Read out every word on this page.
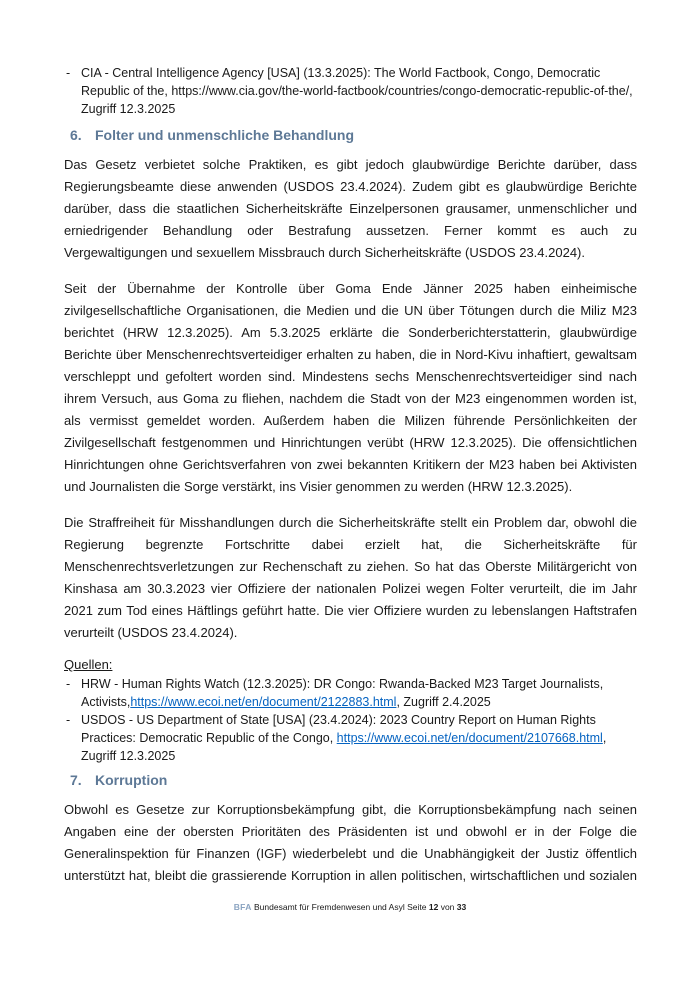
- CIA - Central Intelligence Agency [USA] (13.3.2025): The World Factbook, Congo, Democratic Republic of the, https://www.cia.gov/the-world-factbook/countries/congo-democratic-republic-of-the/, Zugriff 12.3.2025
6. Folter und unmenschliche Behandlung

Das Gesetz verbietet solche Praktiken, es gibt jedoch glaubwürdige Berichte darüber, dass Regierungsbeamte diese anwenden (USDOS 23.4.2024). Zudem gibt es glaubwürdige Berichte darüber, dass die staatlichen Sicherheitskräfte Einzelpersonen grausamer, unmenschlicher und erniedrigender Behandlung oder Bestrafung aussetzen. Ferner kommt es auch zu Vergewaltigungen und sexuellem Missbrauch durch Sicherheitskräfte (USDOS 23.4.2024).

Seit der Übernahme der Kontrolle über Goma Ende Jänner 2025 haben einheimische zivilgesellschaftliche Organisationen, die Medien und die UN über Tötungen durch die Miliz M23 berichtet (HRW 12.3.2025). Am 5.3.2025 erklärte die Sonderberichterstatterin, glaubwürdige Berichte über Menschenrechtsverteidiger erhalten zu haben, die in Nord-Kivu inhaftiert, gewaltsam verschleppt und gefoltert worden sind. Mindestens sechs Menschenrechtsverteidiger sind nach ihrem Versuch, aus Goma zu fliehen, nachdem die Stadt von der M23 eingenommen worden ist, als vermisst gemeldet worden. Außerdem haben die Milizen führende Persönlichkeiten der Zivilgesellschaft festgenommen und Hinrichtungen verübt (HRW 12.3.2025). Die offensichtlichen Hinrichtungen ohne Gerichtsverfahren von zwei bekannten Kritikern der M23 haben bei Aktivisten und Journalisten die Sorge verstärkt, ins Visier genommen zu werden (HRW 12.3.2025).

Die Straffreiheit für Misshandlungen durch die Sicherheitskräfte stellt ein Problem dar, obwohl die Regierung begrenzte Fortschritte dabei erzielt hat, die Sicherheitskräfte für Menschenrechtsverletzungen zur Rechenschaft zu ziehen. So hat das Oberste Militärgericht von Kinshasa am 30.3.2023 vier Offiziere der nationalen Polizei wegen Folter verurteilt, die im Jahr 2021 zum Tod eines Häftlings geführt hatte. Die vier Offiziere wurden zu lebenslangen Haftstrafen verurteilt (USDOS 23.4.2024).

Quellen:

- HRW - Human Rights Watch (12.3.2025): DR Congo: Rwanda-Backed M23 Target Journalists, Activists,https://www.ecoi.net/en/document/2122883.html, Zugriff 2.4.2025
- USDOS - US Department of State [USA] (23.4.2024): 2023 Country Report on Human Rights Practices: Democratic Republic of the Congo, https://www.ecoi.net/en/document/2107668.html, Zugriff 12.3.2025
7. Korruption

Obwohl es Gesetze zur Korruptionsbekämpfung gibt, die Korruptionsbekämpfung nach seinen Angaben eine der obersten Prioritäten des Präsidenten ist und obwohl er in der Folge die Generalinspektion für Finanzen (IGF) wiederbelebt und die Unabhängigkeit der Justiz öffentlich unterstützt hat, bleibt die grassierende Korruption in allen politischen, wirtschaftlichen und sozialen

BFA Bundesamt für Fremdenwesen und Asyl Seite 12 von 33
